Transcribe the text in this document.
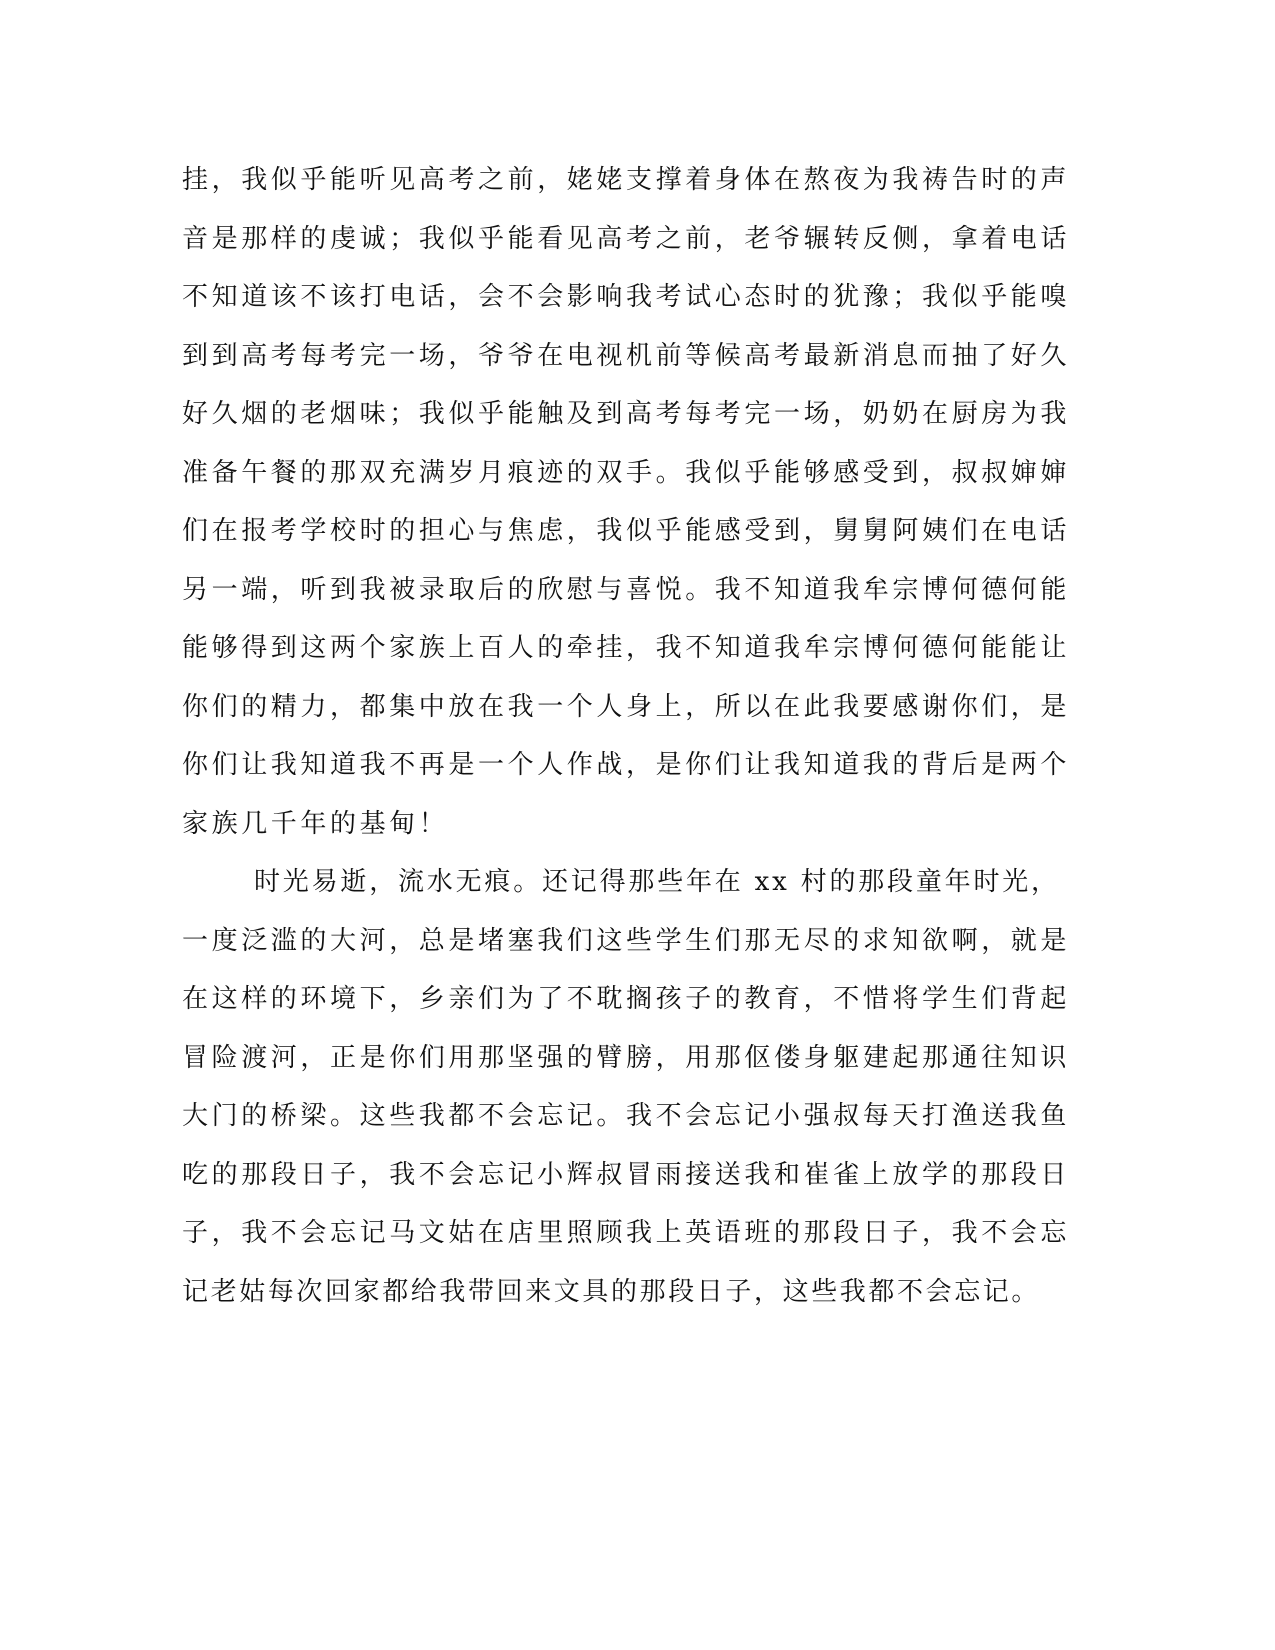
挂，我似乎能听见高考之前，姥姥支撑着身体在熬夜为我祷告时的声
音是那样的虔诚；我似乎能看见高考之前，老爷辗转反侧，拿着电话
不知道该不该打电话，会不会影响我考试心态时的犹豫；我似乎能嗅
到到高考每考完一场，爷爷在电视机前等候高考最新消息而抽了好久
好久烟的老烟味；我似乎能触及到高考每考完一场，奶奶在厨房为我
准备午餐的那双充满岁月痕迹的双手。我似乎能够感受到，叔叔婶婶
们在报考学校时的担心与焦虑，我似乎能感受到，舅舅阿姨们在电话
另一端，听到我被录取后的欣慰与喜悦。我不知道我牟宗博何德何能
能够得到这两个家族上百人的牵挂，我不知道我牟宗博何德何能能让
你们的精力，都集中放在我一个人身上，所以在此我要感谢你们，是
你们让我知道我不再是一个人作战，是你们让我知道我的背后是两个
家族几千年的基甸！
时光易逝，流水无痕。还记得那些年在 xx 村的那段童年时光，
一度泛滥的大河，总是堵塞我们这些学生们那无尽的求知欲啊，就是
在这样的环境下，乡亲们为了不耽搁孩子的教育，不惜将学生们背起
冒险渡河，正是你们用那坚强的臂膀，用那伛偻身躯建起那通往知识
大门的桥梁。这些我都不会忘记。我不会忘记小强叔每天打渔送我鱼
吃的那段日子，我不会忘记小辉叔冒雨接送我和崔雀上放学的那段日
子，我不会忘记马文姑在店里照顾我上英语班的那段日子，我不会忘
记老姑每次回家都给我带回来文具的那段日子，这些我都不会忘记。
